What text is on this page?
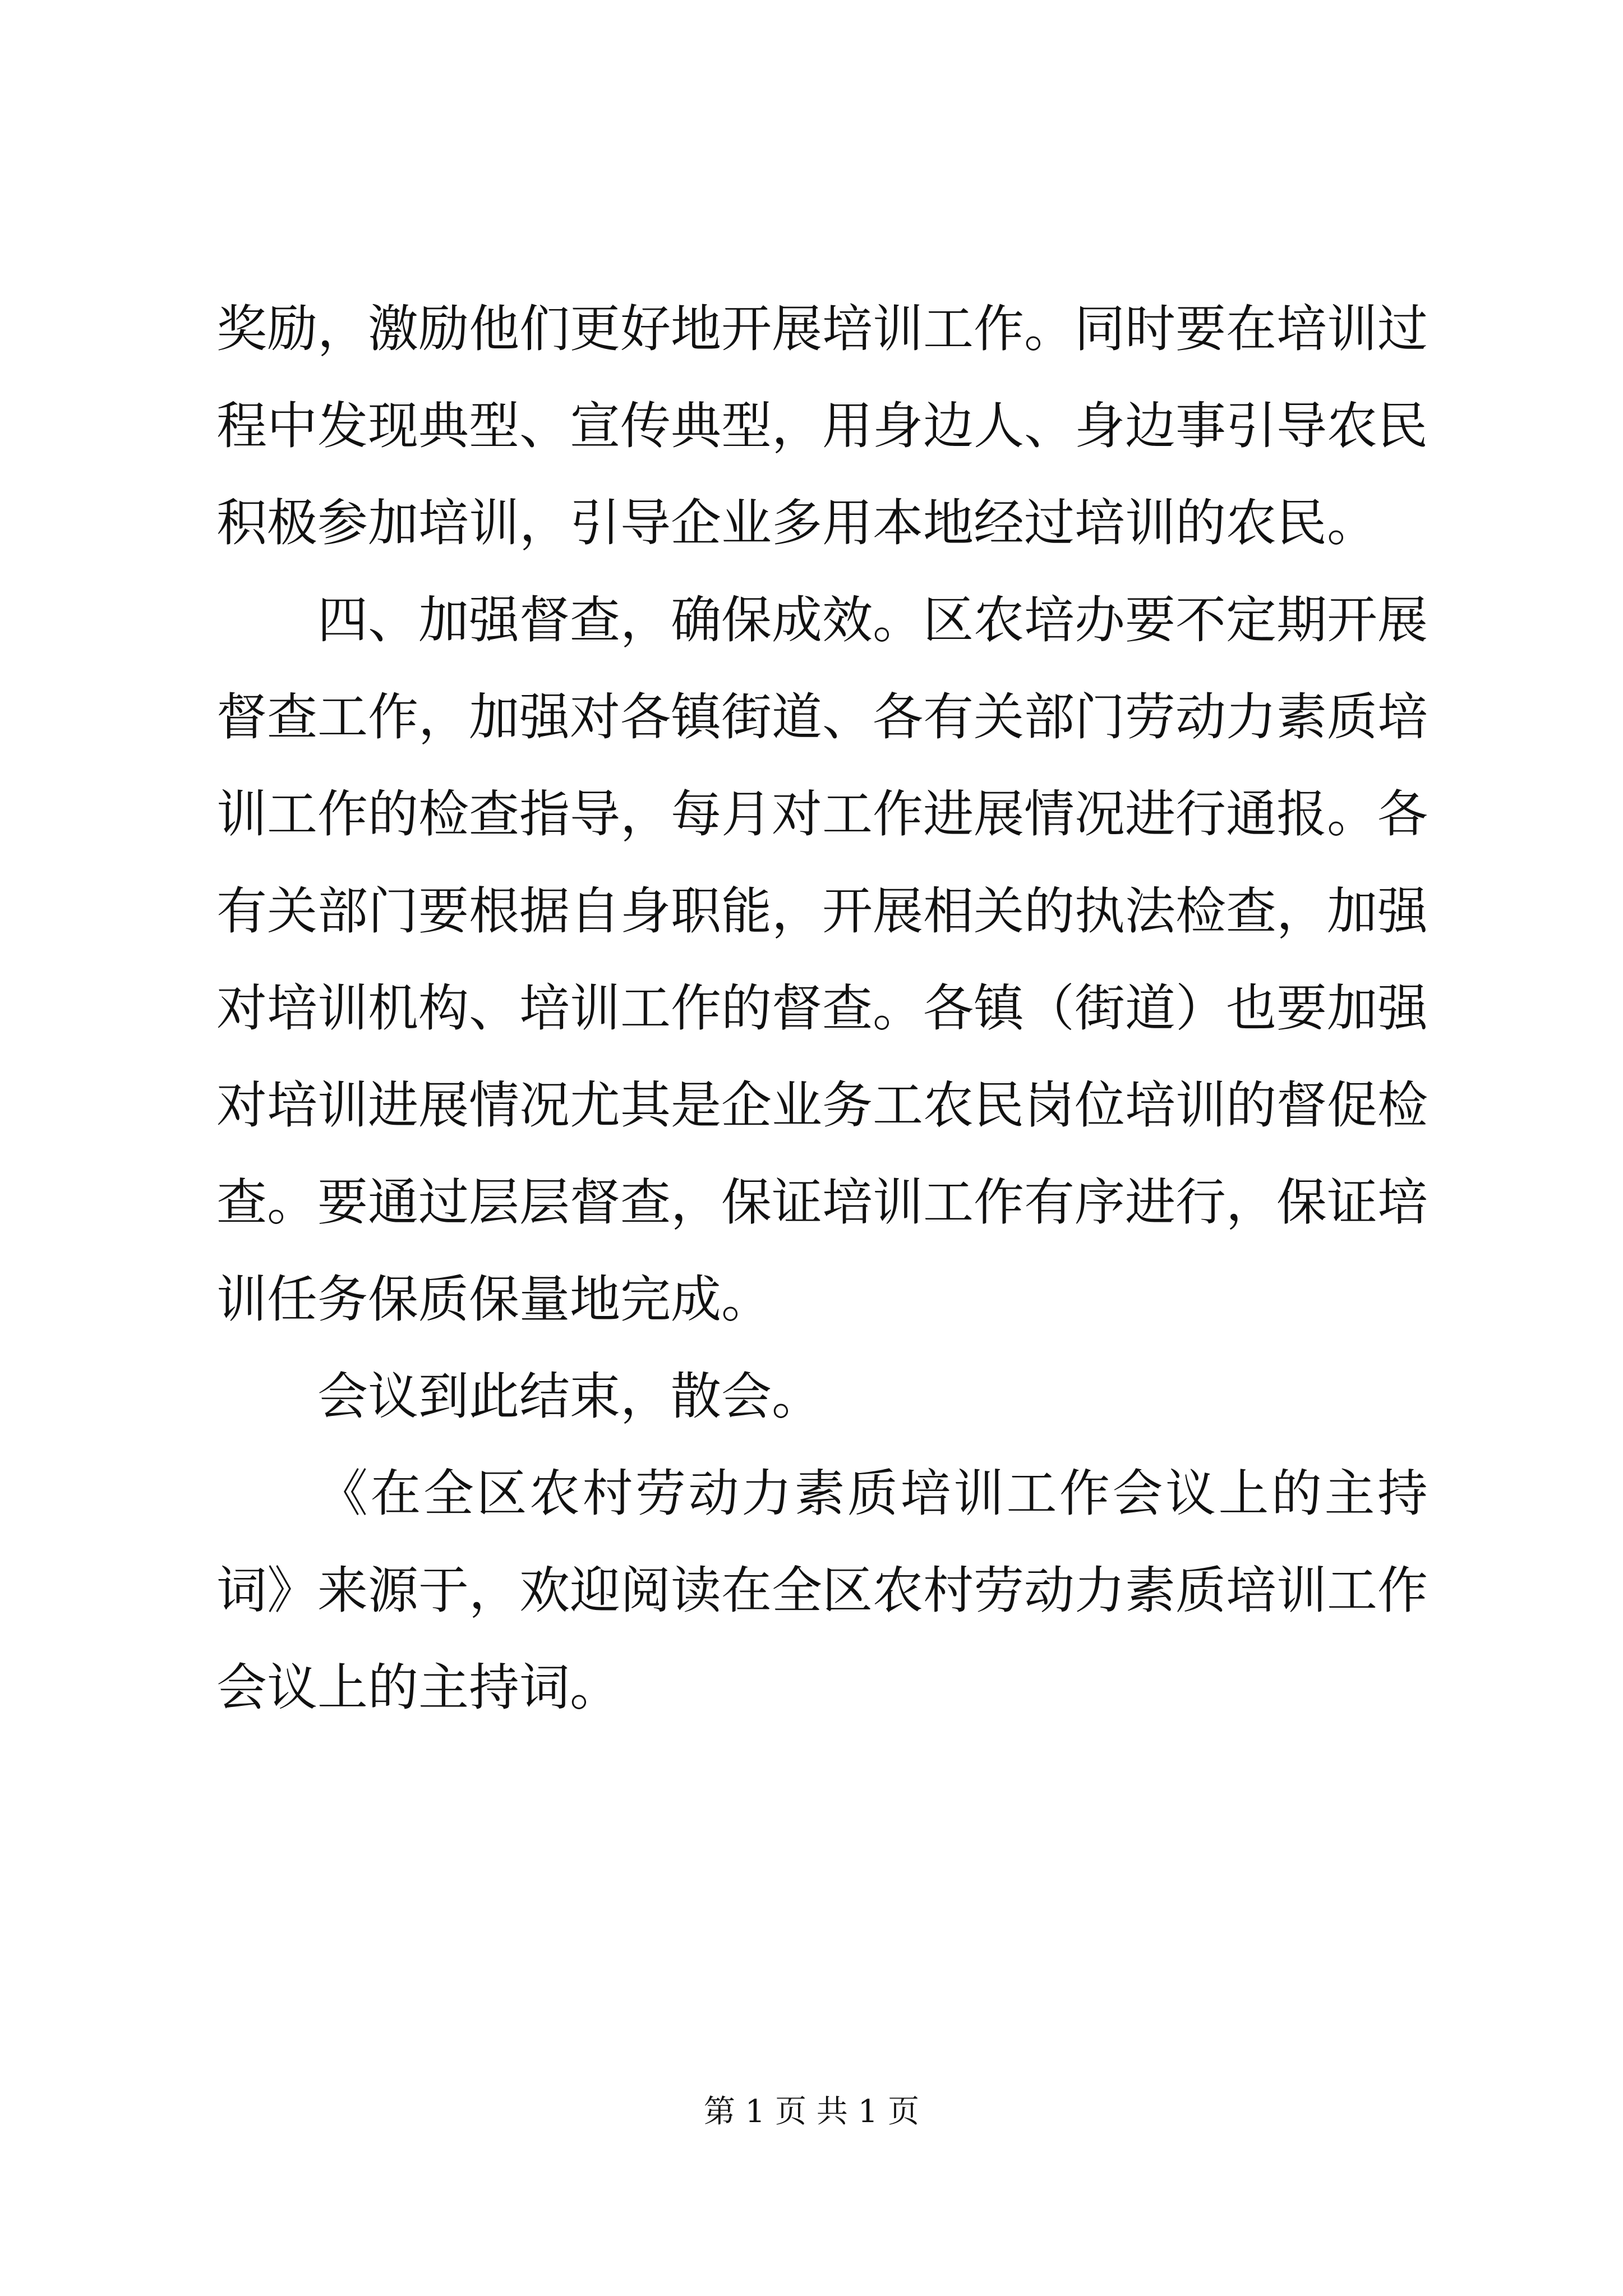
奖励，激励他们更好地开展培训工作。同时要在培训过程中发现典型、宣传典型，用身边人、身边事引导农民积极参加培训，引导企业多用本地经过培训的农民。

四、加强督查，确保成效。区农培办要不定期开展督查工作，加强对各镇街道、各有关部门劳动力素质培训工作的检查指导，每月对工作进展情况进行通报。各有关部门要根据自身职能，开展相关的执法检查，加强对培训机构、培训工作的督查。各镇（街道）也要加强对培训进展情况尤其是企业务工农民岗位培训的督促检查。要通过层层督查，保证培训工作有序进行，保证培训任务保质保量地完成。

会议到此结束，散会。

《在全区农村劳动力素质培训工作会议上的主持词》来源于，欢迎阅读在全区农村劳动力素质培训工作会议上的主持词。

第 1 页 共 1 页
